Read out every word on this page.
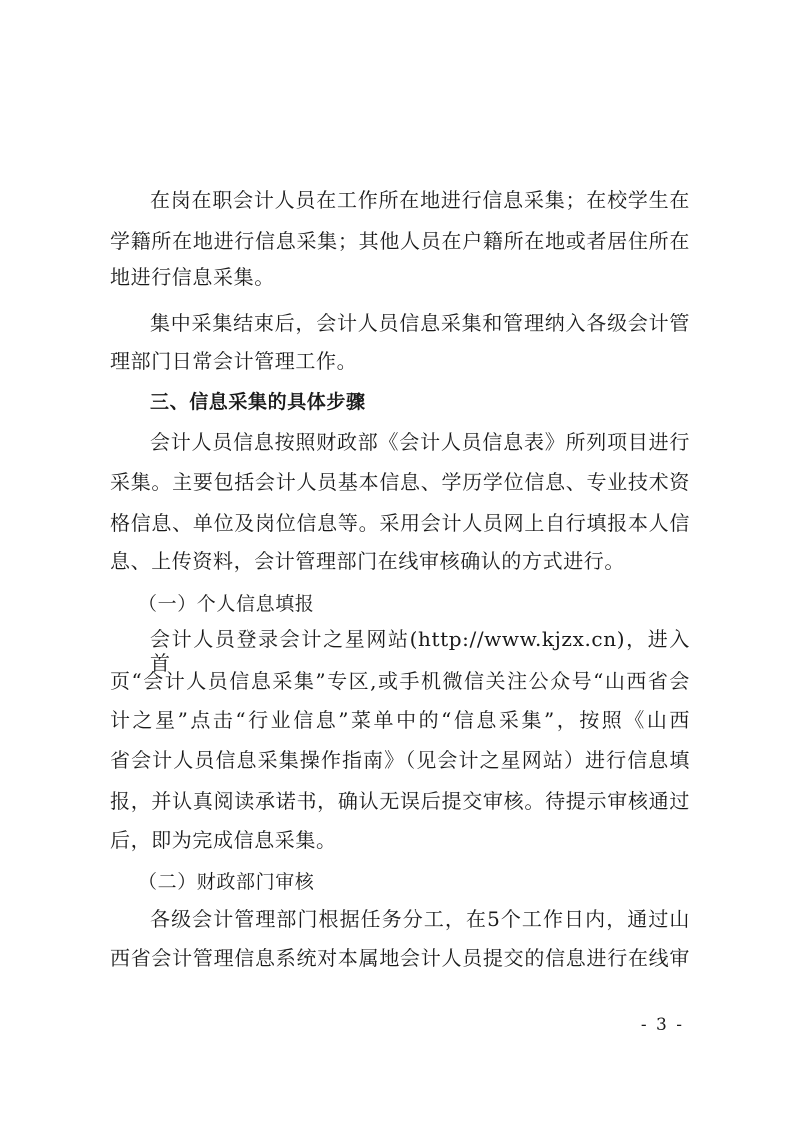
在岗在职会计人员在工作所在地进行信息采集；在校学生在
学籍所在地进行信息采集；其他人员在户籍所在地或者居住所在
地进行信息采集。
集中采集结束后，会计人员信息采集和管理纳入各级会计管
理部门日常会计管理工作。
三、信息采集的具体步骤
会计人员信息按照财政部《会计人员信息表》所列项目进行
采集。主要包括会计人员基本信息、学历学位信息、专业技术资
格信息、单位及岗位信息等。采用会计人员网上自行填报本人信
息、上传资料，会计管理部门在线审核确认的方式进行。
（一）个人信息填报
会计人员登录会计之星网站(http://www.kjzx.cn)，进入首
页“会计人员信息采集”专区,或手机微信关注公众号“山西省会
计之星”点击“行业信息”菜单中的“信息采集”，按照《山西
省会计人员信息采集操作指南》（见会计之星网站）进行信息填
报，并认真阅读承诺书，确认无误后提交审核。待提示审核通过
后，即为完成信息采集。
（二）财政部门审核
各级会计管理部门根据任务分工，在5个工作日内，通过山
西省会计管理信息系统对本属地会计人员提交的信息进行在线审
- 3 -
